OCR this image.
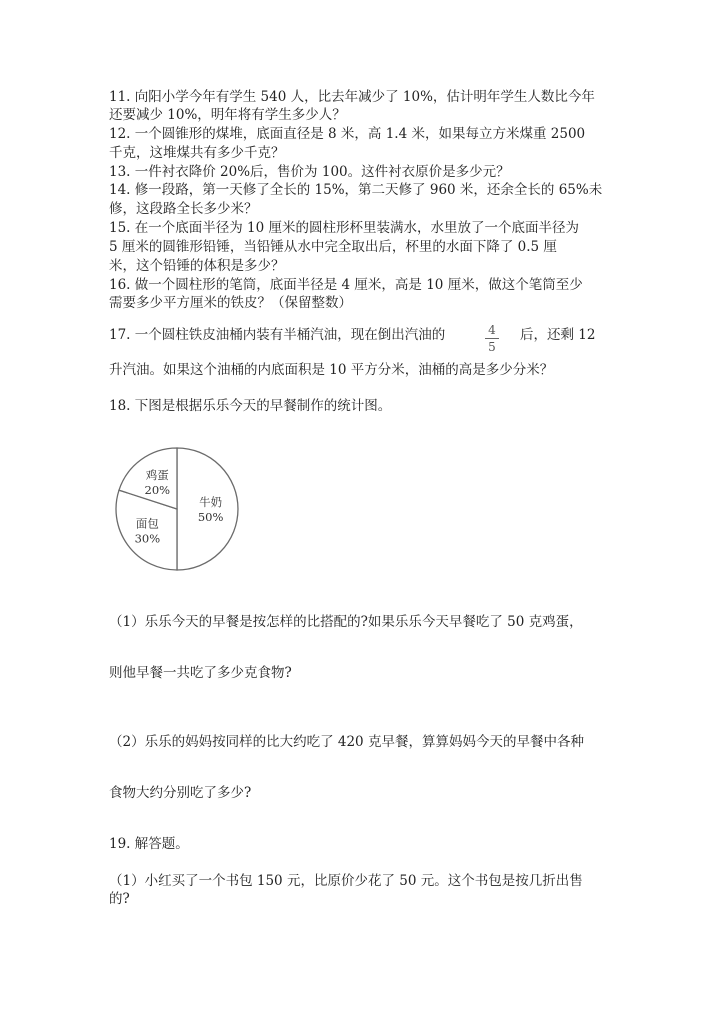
11. 向阳小学今年有学生 540 人，比去年减少了 10%，估计明年学生人数比今年
还要减少 10%，明年将有学生多少人？
12. 一个圆锥形的煤堆，底面直径是 8 米，高 1.4 米，如果每立方米煤重 2500
千克，这堆煤共有多少千克？
13. 一件衬衣降价 20%后，售价为 100。这件衬衣原价是多少元？
14. 修一段路，第一天修了全长的 15%，第二天修了 960 米，还余全长的 65%未
修，这段路全长多少米？
15. 在一个底面半径为 10 厘米的圆柱形杯里装满水，水里放了一个底面半径为
5 厘米的圆锥形铅锤，当铅锤从水中完全取出后，杯里的水面下降了 0.5 厘
米，这个铅锤的体积是多少？
16. 做一个圆柱形的笔筒，底面半径是 4 厘米，高是 10 厘米，做这个笔筒至少
需要多少平方厘米的铁皮？（保留整数）
17. 一个圆柱铁皮油桶内装有半桶汽油，现在倒出汽油的	4
5
后，还剩 12
升汽油。如果这个油桶的内底面积是 10 平方分米，油桶的高是多少分米？
18. 下图是根据乐乐今天的早餐制作的统计图。
牛奶
50%
面包
30%
鸡蛋
20%
（1）乐乐今天的早餐是按怎样的比搭配的?如果乐乐今天早餐吃了 50 克鸡蛋，
则他早餐一共吃了多少克食物?
（2）乐乐的妈妈按同样的比大约吃了 420 克早餐，算算妈妈今天的早餐中各种
食物大约分别吃了多少?
19. 解答题。
（1）小红买了一个书包 150 元，比原价少花了 50 元。这个书包是按几折出售
的?
